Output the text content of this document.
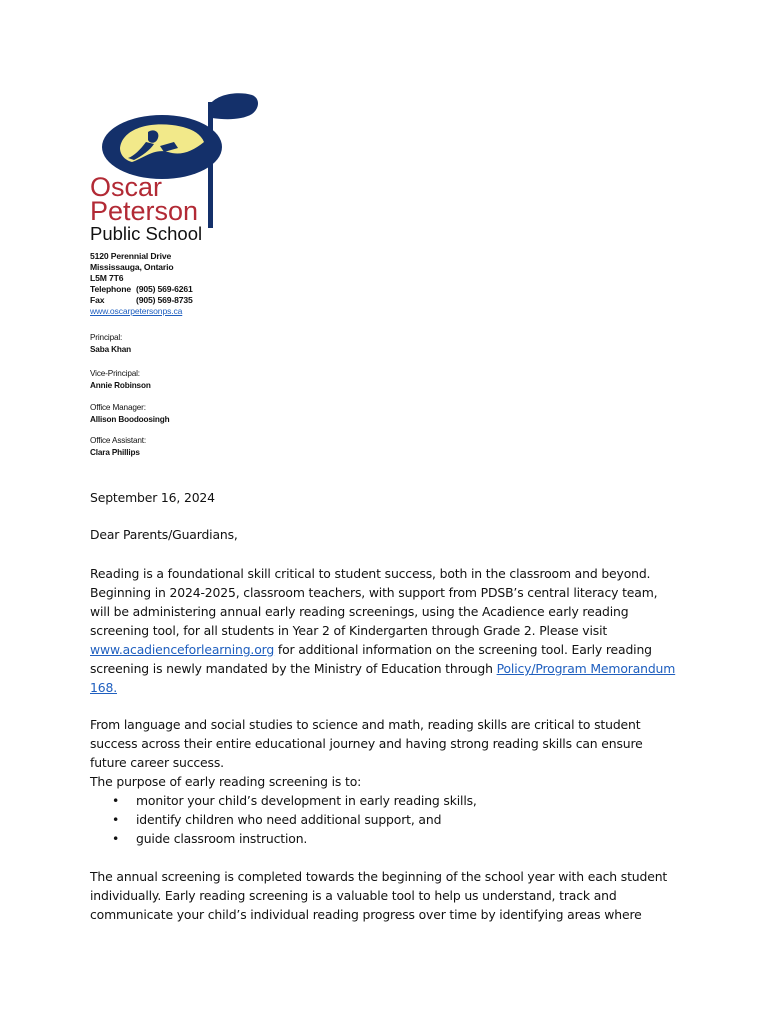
Oscar
Peterson
Public School
5120 Perennial Drive
Mississauga, Ontario
L5M 7T6
Telephone (905) 569-6261
Fax	(905) 569-8735
www.oscarpetersonps.ca
Principal:
Saba Khan
Vice-Principal:
Annie Robinson
Office Manager:
Allison Boodoosingh
Office Assistant:
Clara Phillips
September 16, 2024
Dear Parents/Guardians,

Reading is a foundational skill critical to student success, both in the classroom and beyond. Beginning in 2024-2025, classroom teachers, with support from PDSB’s central literacy team, will be administering annual early reading screenings, using the Acadience early reading screening tool, for all students in Year 2 of Kindergarten through Grade 2. Please visit www.acadienceforlearning.org for additional information on the screening tool. Early reading screening is newly mandated by the Ministry of Education through Policy/Program Memorandum 168.

From language and social studies to science and math, reading skills are critical to student success across their entire educational journey and having strong reading skills can ensure future career success.

The purpose of early reading screening is to:

• monitor your child’s development in early reading skills,
• identify children who need additional support, and
• guide classroom instruction.
The annual screening is completed towards the beginning of the school year with each student individually. Early reading screening is a valuable tool to help us understand, track and communicate your child’s individual reading progress over time by identifying areas where
